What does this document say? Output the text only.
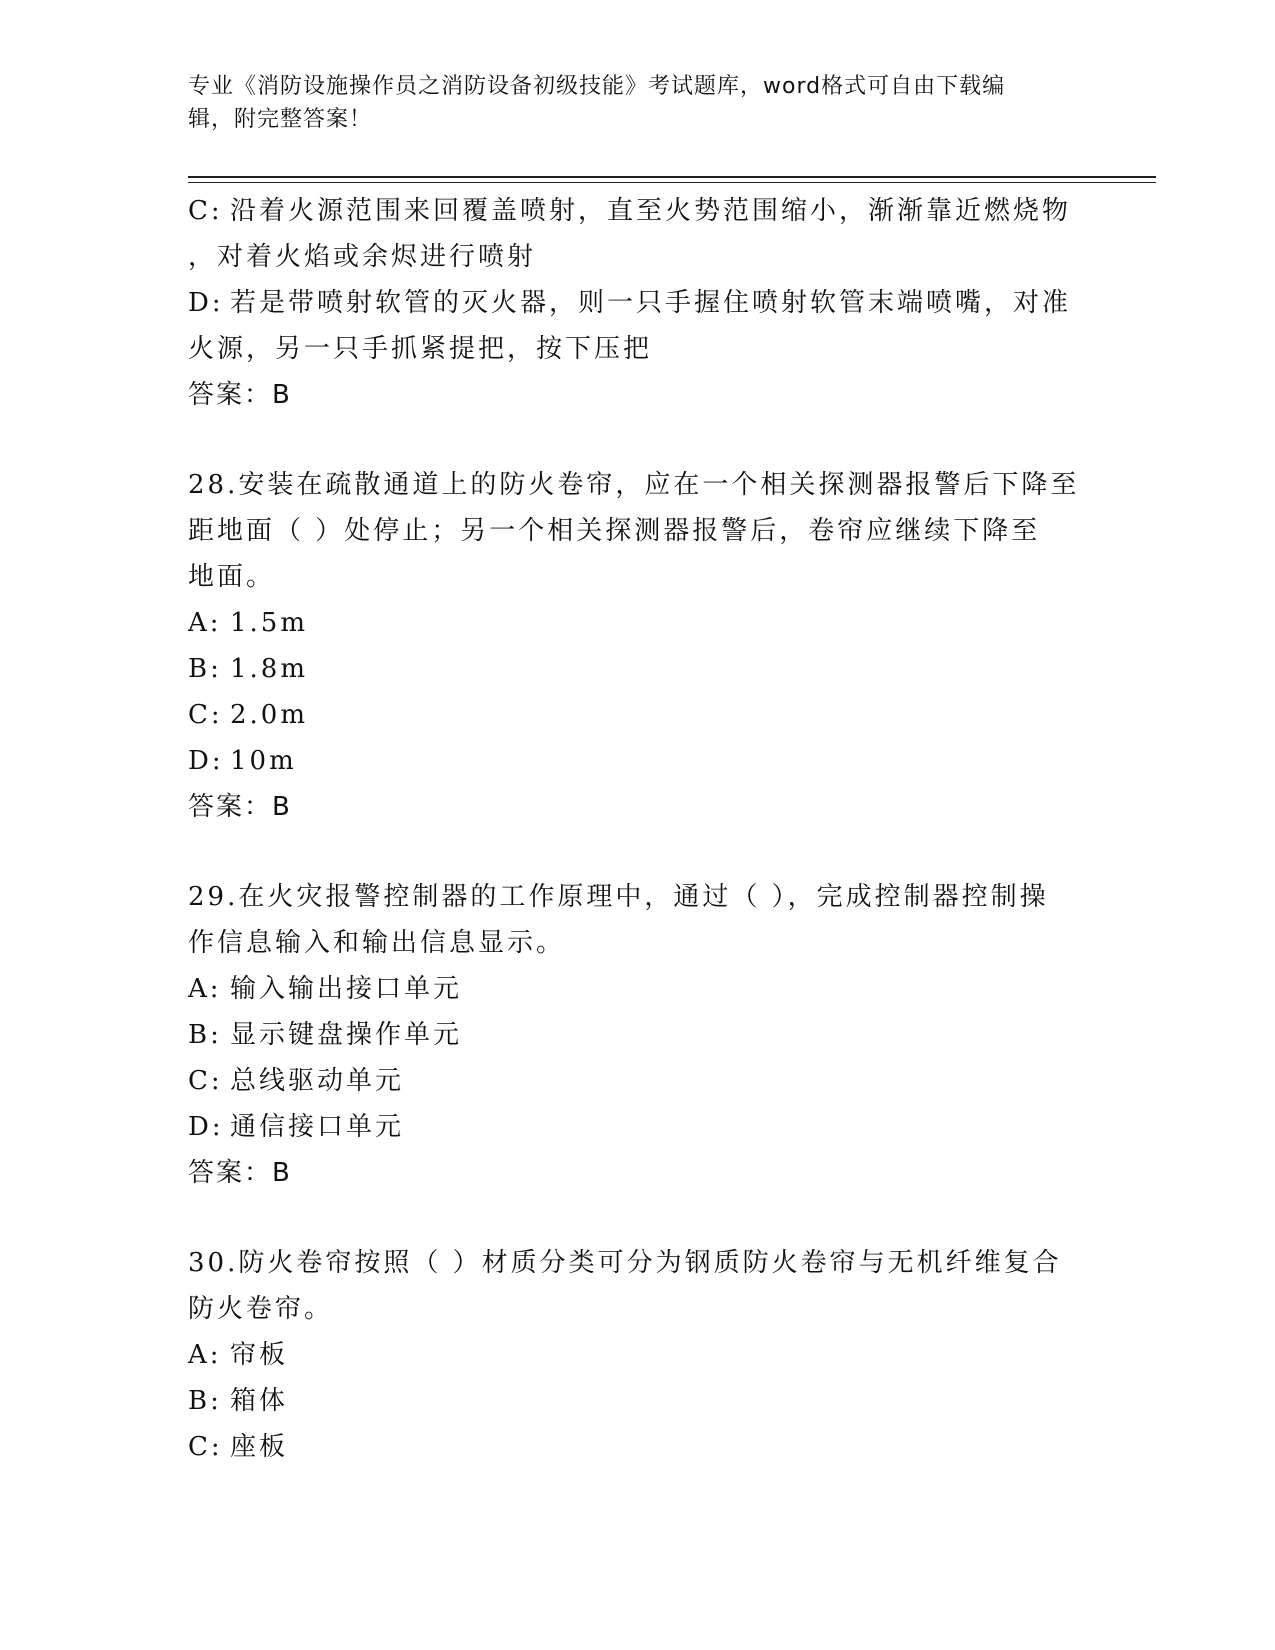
专业《消防设施操作员之消防设备初级技能》考试题库，word格式可自由下载编
辑，附完整答案！
C: 沿着火源范围来回覆盖喷射，直至火势范围缩小，渐渐靠近燃烧物
，对着火焰或余烬进行喷射
D: 若是带喷射软管的灭火器，则一只手握住喷射软管末端喷嘴，对准
火源，另一只手抓紧提把，按下压把
答案：B
28.安装在疏散通道上的防火卷帘，应在一个相关探测器报警后下降至
距地面（ ）处停止；另一个相关探测器报警后，卷帘应继续下降至
地面。
A: 1.5m
B: 1.8m
C: 2.0m
D: 10m
答案：B
29.在火灾报警控制器的工作原理中，通过（ ），完成控制器控制操
作信息输入和输出信息显示。
A: 输入输出接口单元
B: 显示键盘操作单元
C: 总线驱动单元
D: 通信接口单元
答案：B
30.防火卷帘按照（ ）材质分类可分为钢质防火卷帘与无机纤维复合
防火卷帘。
A: 帘板
B: 箱体
C: 座板
